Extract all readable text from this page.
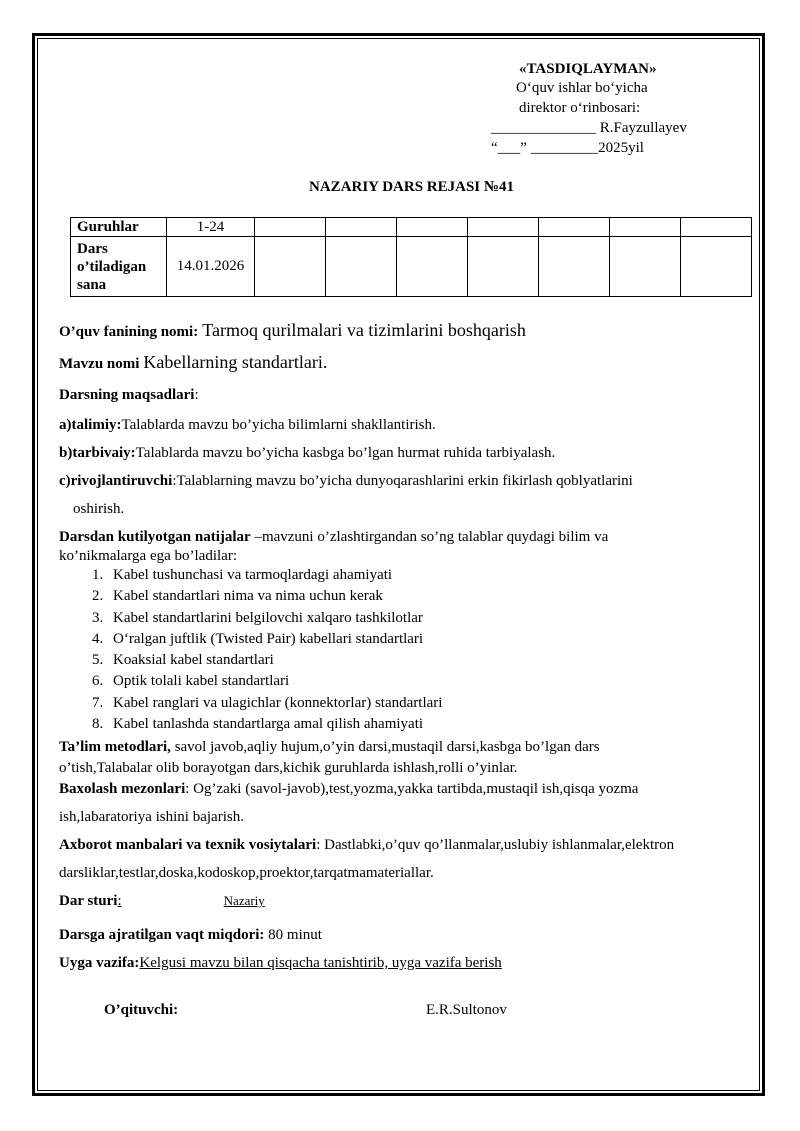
«TASDIQLAYMAN»
O‘quv ishlar bo‘yicha
direktor o‘rinbosari:
______________ R.Fayzullayev
“___” _________2025yil
NAZARIY DARS REJASI №41
Guruhlar	1-24							
Dars o’tiladigan sana	14.01.2026							
O’quv fanining nomi: Tarmoq qurilmalari va tizimlarini boshqarish
Mavzu nomi Kabellarning standartlari.
Darsning maqsadlari:
a)talimiy:Talablarda mavzu bo’yicha bilimlarni shakllantirish.
b)tarbivaiy:Talablarda mavzu bo’yicha kasbga bo’lgan hurmat ruhida tarbiyalash.
c)rivojlantiruvchi:Talablarning mavzu bo’yicha dunyoqarashlarini erkin fikirlash qoblyatlarini
oshirish.
Darsdan kutilyotgan natijalar –mavzuni o’zlashtirgandan so’ng talablar quydagi bilim va
ko’nikmalarga ega bo’ladilar:
1. Kabel tushunchasi va tarmoqlardagi ahamiyati
2. Kabel standartlari nima va nima uchun kerak
3. Kabel standartlarini belgilovchi xalqaro tashkilotlar
4. O‘ralgan juftlik (Twisted Pair) kabellari standartlari
5. Koaksial kabel standartlari
6. Optik tolali kabel standartlari
7. Kabel ranglari va ulagichlar (konnektorlar) standartlari
8. Kabel tanlashda standartlarga amal qilish ahamiyati
Ta’lim metodlari, savol javob,aqliy hujum,o’yin darsi,mustaqil darsi,kasbga bo’lgan dars
o’tish,Talabalar olib borayotgan dars,kichik guruhlarda ishlash,rolli o’yinlar.
Baxolash mezonlari: Og’zaki (savol-javob),test,yozma,yakka tartibda,mustaqil ish,qisqa yozma
ish,labaratoriya ishini bajarish.
Axborot manbalari va texnik vosiytalari: Dastlabki,o’quv qo’llanmalar,uslubiy ishlanmalar,elektron
darsliklar,testlar,doska,kodoskop,proektor,tarqatmamateriallar.
Dar sturi:	Nazariy
Darsga ajratilgan vaqt miqdori: 80 minut
Uyga vazifa:Kelgusi mavzu bilan qisqacha tanishtirib, uyga vazifa berish
O’qituvchi:	E.R.Sultonov
